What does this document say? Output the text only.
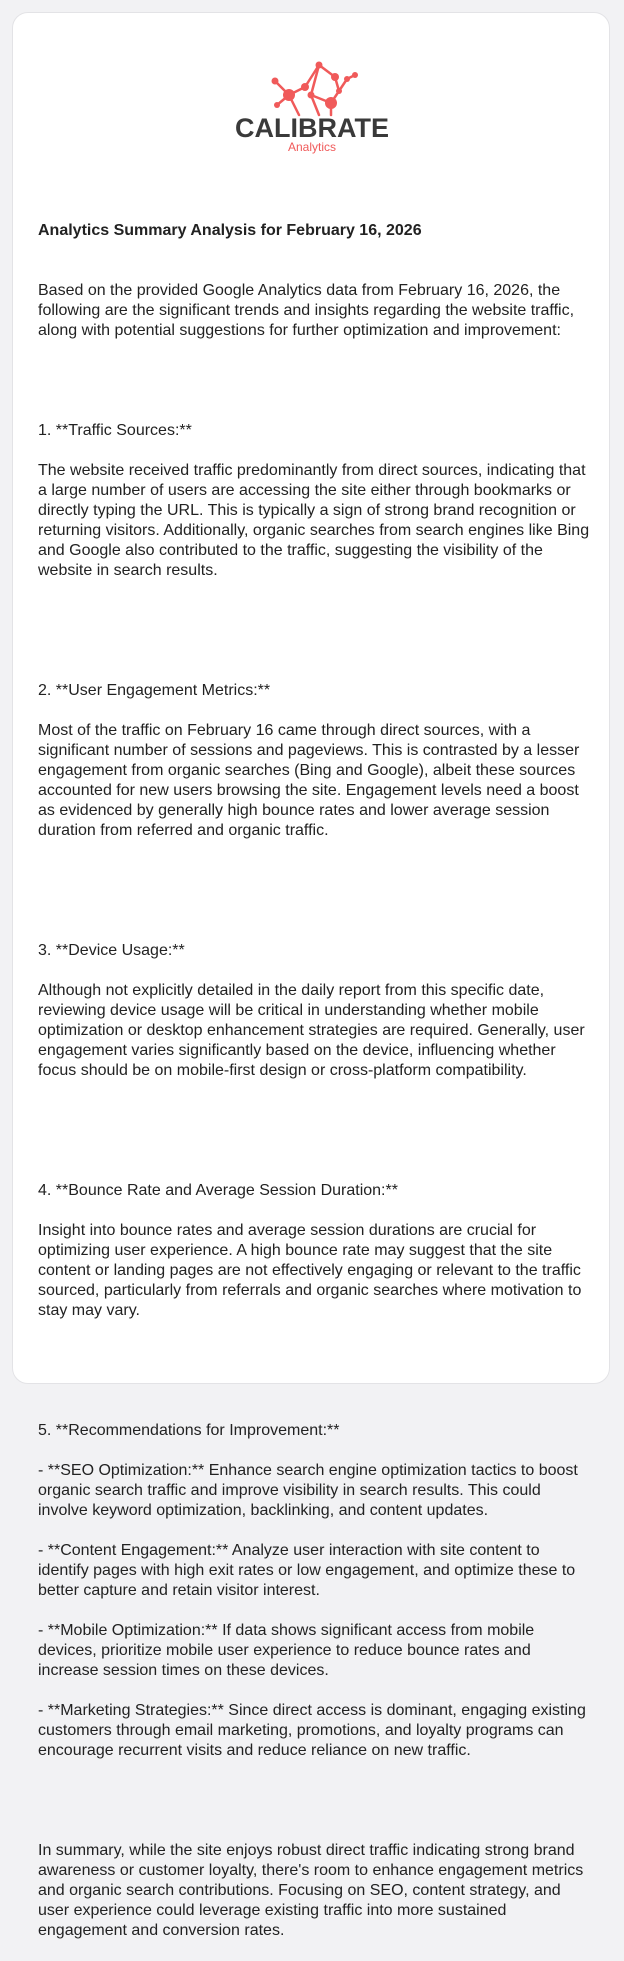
CALIBRATE
Analytics

Analytics Summary Analysis for February 16, 2026

Based on the provided Google Analytics data from February 16, 2026, the following are the significant trends and insights regarding the website traffic, along with potential suggestions for further optimization and improvement:

1. **Traffic Sources:**

The website received traffic predominantly from direct sources, indicating that a large number of users are accessing the site either through bookmarks or directly typing the URL. This is typically a sign of strong brand recognition or returning visitors. Additionally, organic searches from search engines like Bing and Google also contributed to the traffic, suggesting the visibility of the website in search results.

2. **User Engagement Metrics:**

Most of the traffic on February 16 came through direct sources, with a significant number of sessions and pageviews. This is contrasted by a lesser engagement from organic searches (Bing and Google), albeit these sources accounted for new users browsing the site. Engagement levels need a boost as evidenced by generally high bounce rates and lower average session duration from referred and organic traffic.

3. **Device Usage:**

Although not explicitly detailed in the daily report from this specific date, reviewing device usage will be critical in understanding whether mobile optimization or desktop enhancement strategies are required. Generally, user engagement varies significantly based on the device, influencing whether focus should be on mobile-first design or cross-platform compatibility.

4. **Bounce Rate and Average Session Duration:**

Insight into bounce rates and average session durations are crucial for optimizing user experience. A high bounce rate may suggest that the site content or landing pages are not effectively engaging or relevant to the traffic sourced, particularly from referrals and organic searches where motivation to stay may vary.

5. **Recommendations for Improvement:**

- **SEO Optimization:** Enhance search engine optimization tactics to boost organic search traffic and improve visibility in search results. This could involve keyword optimization, backlinking, and content updates.

- **Content Engagement:** Analyze user interaction with site content to identify pages with high exit rates or low engagement, and optimize these to better capture and retain visitor interest.

- **Mobile Optimization:** If data shows significant access from mobile devices, prioritize mobile user experience to reduce bounce rates and increase session times on these devices.

- **Marketing Strategies:** Since direct access is dominant, engaging existing customers through email marketing, promotions, and loyalty programs can encourage recurrent visits and reduce reliance on new traffic.

In summary, while the site enjoys robust direct traffic indicating strong brand awareness or customer loyalty, there's room to enhance engagement metrics and organic search contributions. Focusing on SEO, content strategy, and user experience could leverage existing traffic into more sustained engagement and conversion rates.
